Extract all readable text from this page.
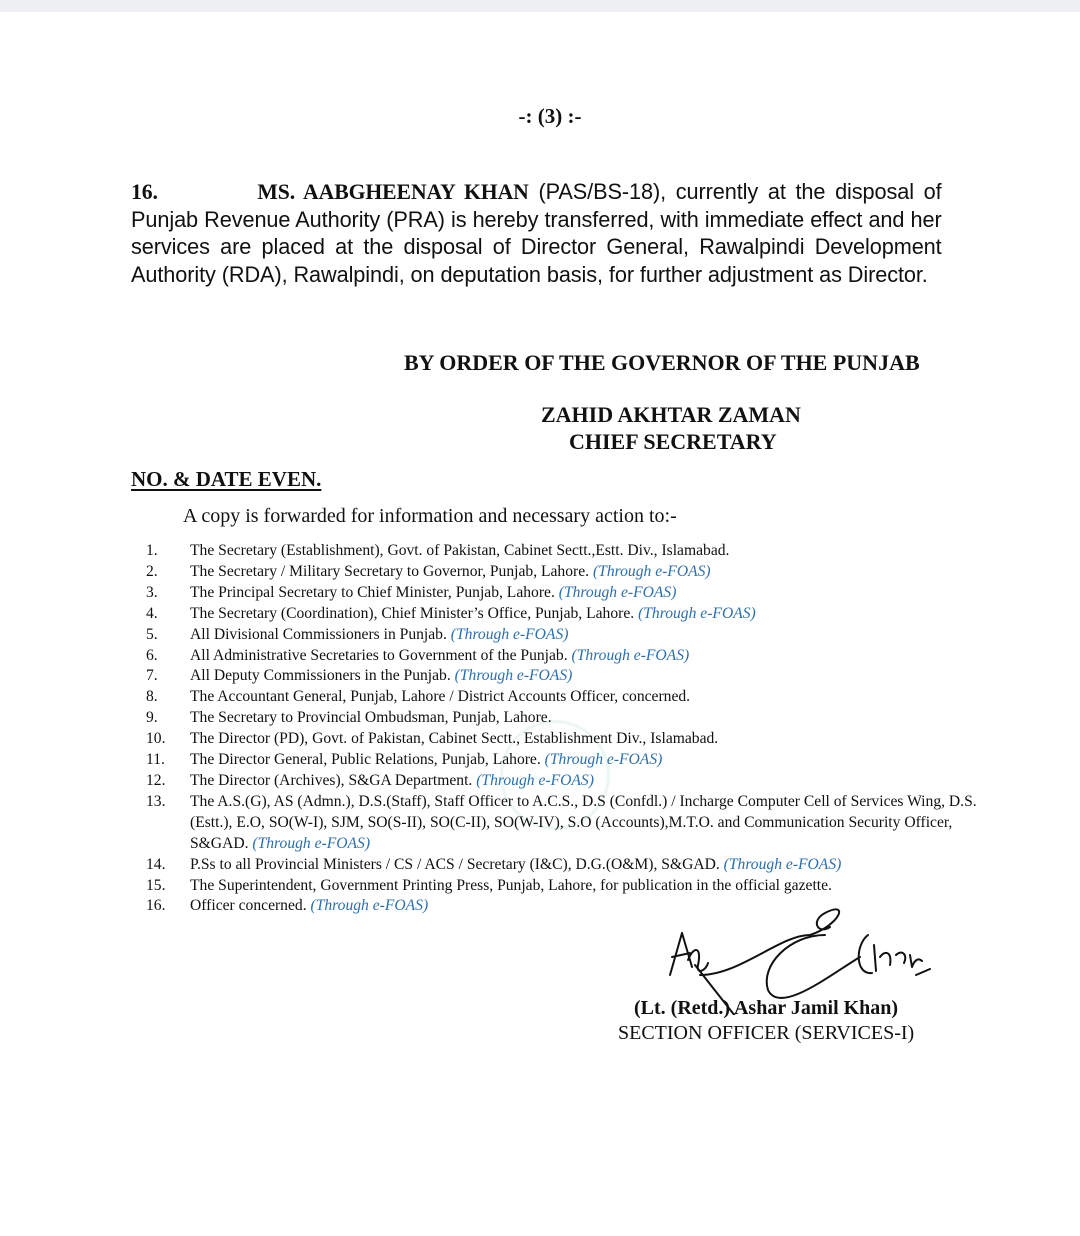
-: (3) :-
16.	MS. AABGHEENAY KHAN (PAS/BS-18), currently at the disposal of Punjab Revenue Authority (PRA) is hereby transferred, with immediate effect and her services are placed at the disposal of Director General, Rawalpindi Development Authority (RDA), Rawalpindi, on deputation basis, for further adjustment as Director.
BY ORDER OF THE GOVERNOR OF THE PUNJAB
ZAHID AKHTAR ZAMAN
CHIEF SECRETARY
NO. & DATE EVEN.
A copy is forwarded for information and necessary action to:-
1.	The Secretary (Establishment), Govt. of Pakistan, Cabinet Sectt.,Estt. Div., Islamabad.
2.	The Secretary / Military Secretary to Governor, Punjab, Lahore. (Through e-FOAS)
3.	The Principal Secretary to Chief Minister, Punjab, Lahore. (Through e-FOAS)
4.	The Secretary (Coordination), Chief Minister’s Office, Punjab, Lahore. (Through e-FOAS)
5.	All Divisional Commissioners in Punjab. (Through e-FOAS)
6.	All Administrative Secretaries to Government of the Punjab. (Through e-FOAS)
7.	All Deputy Commissioners in the Punjab. (Through e-FOAS)
8.	The Accountant General, Punjab, Lahore / District Accounts Officer, concerned.
9.	The Secretary to Provincial Ombudsman, Punjab, Lahore.
10.	The Director (PD), Govt. of Pakistan, Cabinet Sectt., Establishment Div., Islamabad.
11.	The Director General, Public Relations, Punjab, Lahore. (Through e-FOAS)
12.	The Director (Archives), S&GA Department. (Through e-FOAS)
13.	The A.S.(G), AS (Admn.), D.S.(Staff), Staff Officer to A.C.S., D.S (Confdl.) / Incharge Computer Cell of Services Wing, D.S.(Estt.), E.O, SO(W-I), SJM, SO(S-II), SO(C-II), SO(W-IV), S.O (Accounts),M.T.O. and Communication Security Officer, S&GAD. (Through e-FOAS)
14.	P.Ss to all Provincial Ministers / CS / ACS / Secretary (I&C), D.G.(O&M), S&GAD. (Through e-FOAS)
15.	The Superintendent, Government Printing Press, Punjab, Lahore, for publication in the official gazette.
16.	Officer concerned. (Through e-FOAS)
(Lt. (Retd.) Ashar Jamil Khan)
SECTION OFFICER (SERVICES-I)
